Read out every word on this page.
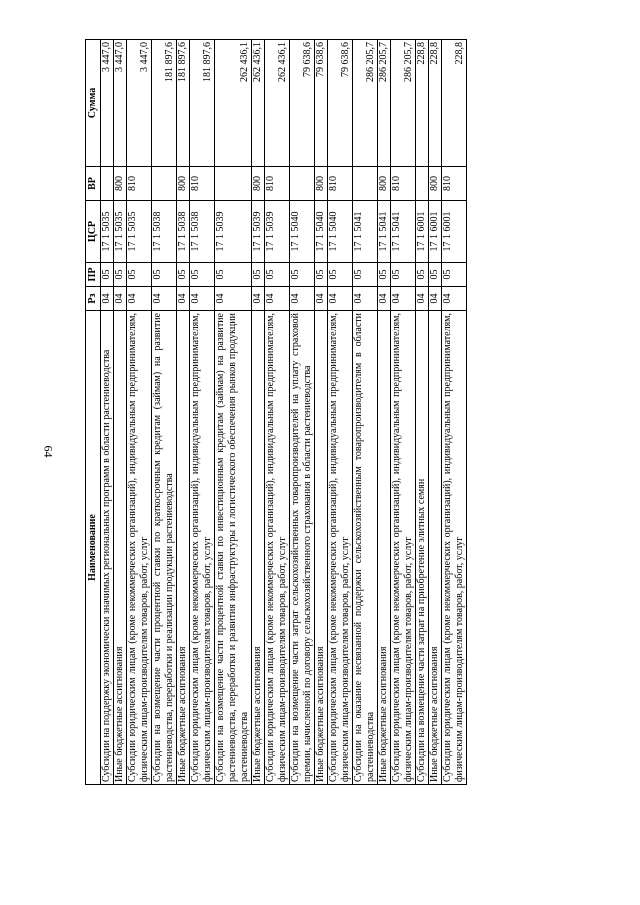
64
Наименование	Рз	ПР	ЦСР	ВР	Сумма
Субсидии на поддержку экономически значимых региональных программ в области растениеводства	04	05	17 1 5035		3 447,0
Иные бюджетные ассигнования	04	05	17 1 5035	800	3 447,0
Субсидии юридическим лицам (кроме некоммерческих организаций), индивидуальным предпринимателям, физическим лицам-производителям товаров, работ, услуг	04	05	17 1 5035	810	3 447,0
Субсидии на возмещение части процентной ставки по краткосрочным кредитам (займам) на развитие растениеводства, переработки и реализации продукции растениеводства	04	05	17 1 5038		181 897,6
Иные бюджетные ассигнования	04	05	17 1 5038	800	181 897,6
Субсидии юридическим лицам (кроме некоммерческих организаций), индивидуальным предпринимателям, физическим лицам-производителям товаров, работ, услуг	04	05	17 1 5038	810	181 897,6
Субсидии на возмещение части процентной ставки по инвестиционным кредитам (займам) на развитие растениеводства, переработки и развития инфраструктуры и логистического обеспечения рынков продукции растениеводства	04	05	17 1 5039		262 436,1
Иные бюджетные ассигнования	04	05	17 1 5039	800	262 436,1
Субсидии юридическим лицам (кроме некоммерческих организаций), индивидуальным предпринимателям, физическим лицам-производителям товаров, работ, услуг	04	05	17 1 5039	810	262 436,1
Субсидии на возмещение части затрат сельскохозяйственных товаропроизводителей на уплату страховой премии, начисленной по договору сельскохозяйственного страхования в области растениеводства	04	05	17 1 5040		79 638,6
Иные бюджетные ассигнования	04	05	17 1 5040	800	79 638,6
Субсидии юридическим лицам (кроме некоммерческих организаций), индивидуальным предпринимателям, физическим лицам-производителям товаров, работ, услуг	04	05	17 1 5040	810	79 638,6
Субсидии на оказание несвязанной поддержки сельскохозяйственным товаропроизводителям в области растениеводства	04	05	17 1 5041		286 205,7
Иные бюджетные ассигнования	04	05	17 1 5041	800	286 205,7
Субсидии юридическим лицам (кроме некоммерческих организаций), индивидуальным предпринимателям, физическим лицам-производителям товаров, работ, услуг	04	05	17 1 5041	810	286 205,7
Субсидии на возмещение части затрат на приобретение элитных семян	04	05	17 1 6001		228,8
Иные бюджетные ассигнования	04	05	17 1 6001	800	228,8
Субсидии юридическим лицам (кроме некоммерческих организаций), индивидуальным предпринимателям, физическим лицам-производителям товаров, работ, услуг	04	05	17 1 6001	810	228,8
